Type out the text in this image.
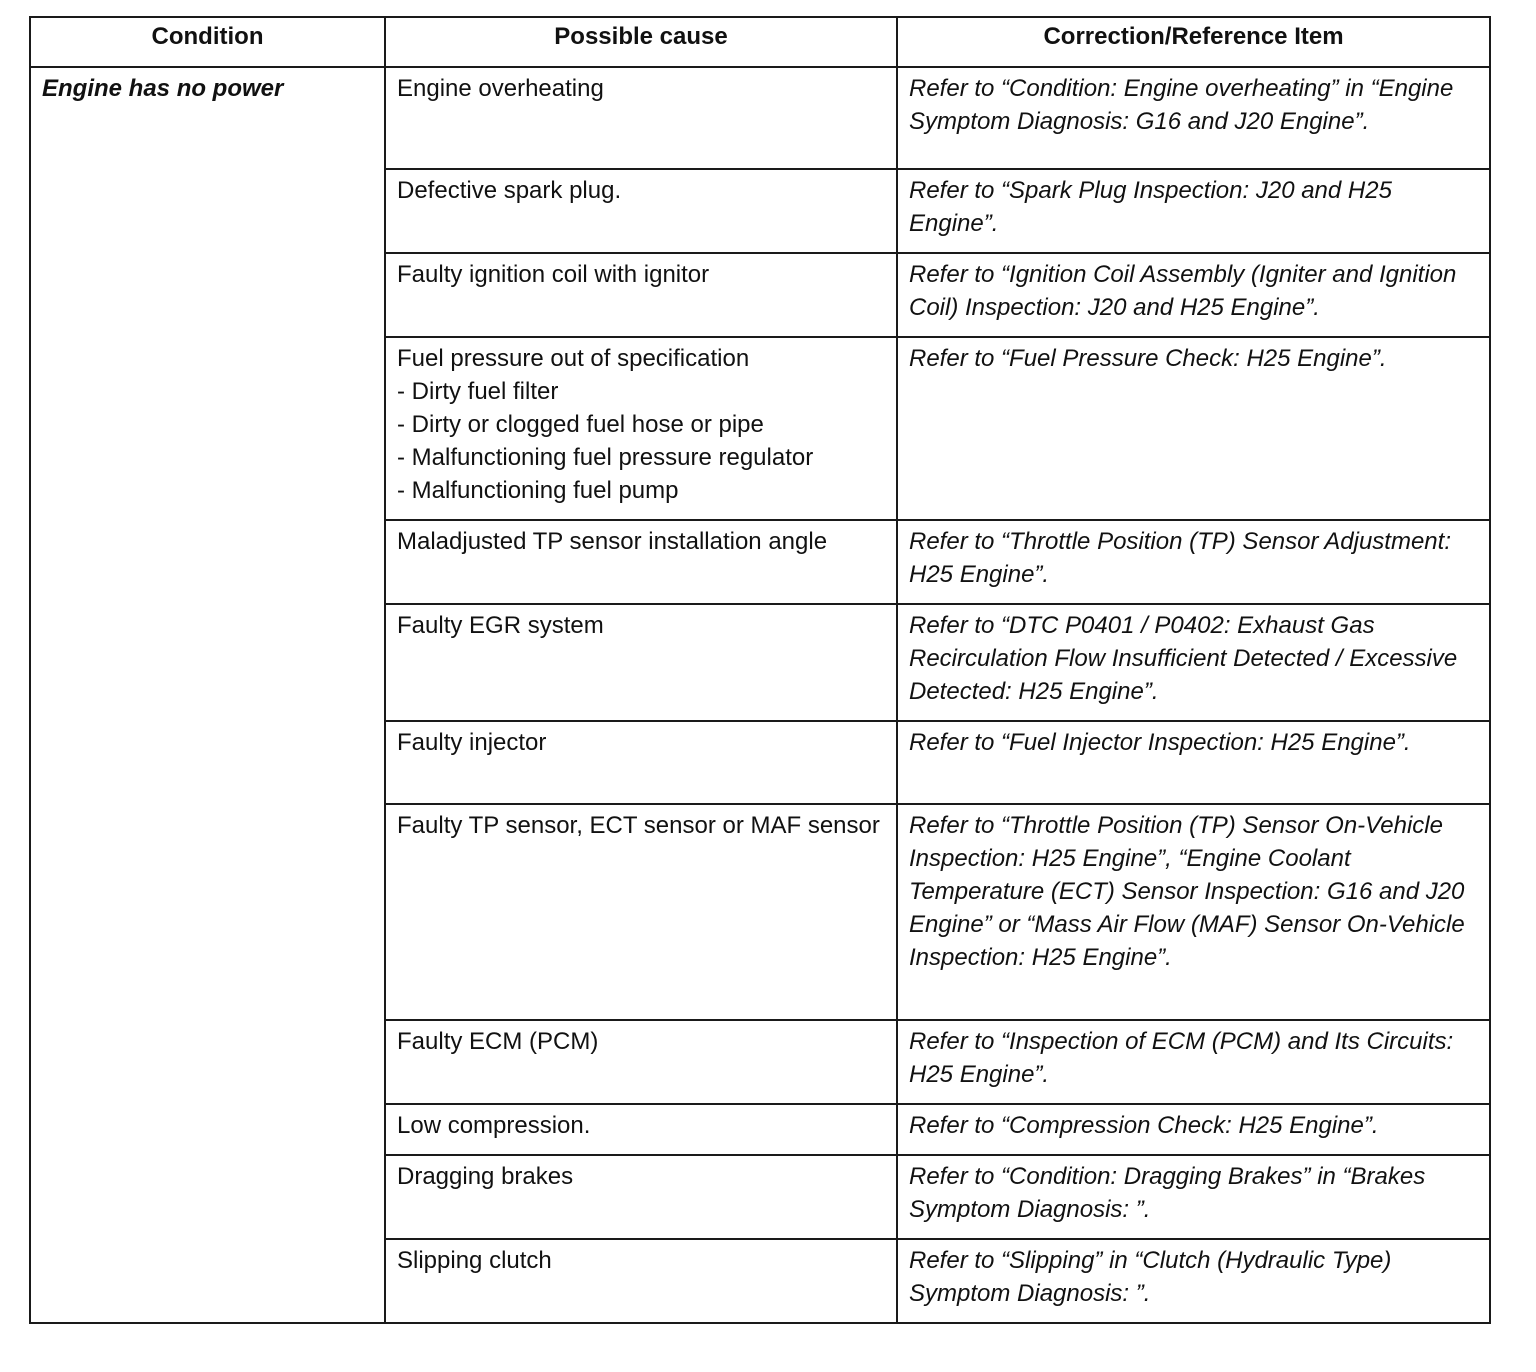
Condition	Possible cause	Correction/Reference Item
Engine has no power	Engine overheating	Refer to “Condition: Engine overheating” in “Engine Symptom Diagnosis: G16 and J20 Engine”.
	Defective spark plug.	Refer to “Spark Plug Inspection: J20 and H25 Engine”.
	Faulty ignition coil with ignitor	Refer to “Ignition Coil Assembly (Igniter and Ignition Coil) Inspection: J20 and H25 Engine”.
	Fuel pressure out of specification
- Dirty fuel filter
- Dirty or clogged fuel hose or pipe
- Malfunctioning fuel pressure regulator
- Malfunctioning fuel pump	Refer to “Fuel Pressure Check: H25 Engine”.
	Maladjusted TP sensor installation angle	Refer to “Throttle Position (TP) Sensor Adjustment: H25 Engine”.
	Faulty EGR system	Refer to “DTC P0401 / P0402: Exhaust Gas Recirculation Flow Insufficient Detected / Excessive Detected: H25 Engine”.
	Faulty injector	Refer to “Fuel Injector Inspection: H25 Engine”.
	Faulty TP sensor, ECT sensor or MAF sensor	Refer to “Throttle Position (TP) Sensor On-Vehicle Inspection: H25 Engine”, “Engine Coolant Temperature (ECT) Sensor Inspection: G16 and J20 Engine” or “Mass Air Flow (MAF) Sensor On-Vehicle Inspection: H25 Engine”.
	Faulty ECM (PCM)	Refer to “Inspection of ECM (PCM) and Its Circuits: H25 Engine”.
	Low compression.	Refer to “Compression Check: H25 Engine”.
	Dragging brakes	Refer to “Condition: Dragging Brakes” in “Brakes Symptom Diagnosis: ”.
	Slipping clutch	Refer to “Slipping” in “Clutch (Hydraulic Type) Symptom Diagnosis: ”.
